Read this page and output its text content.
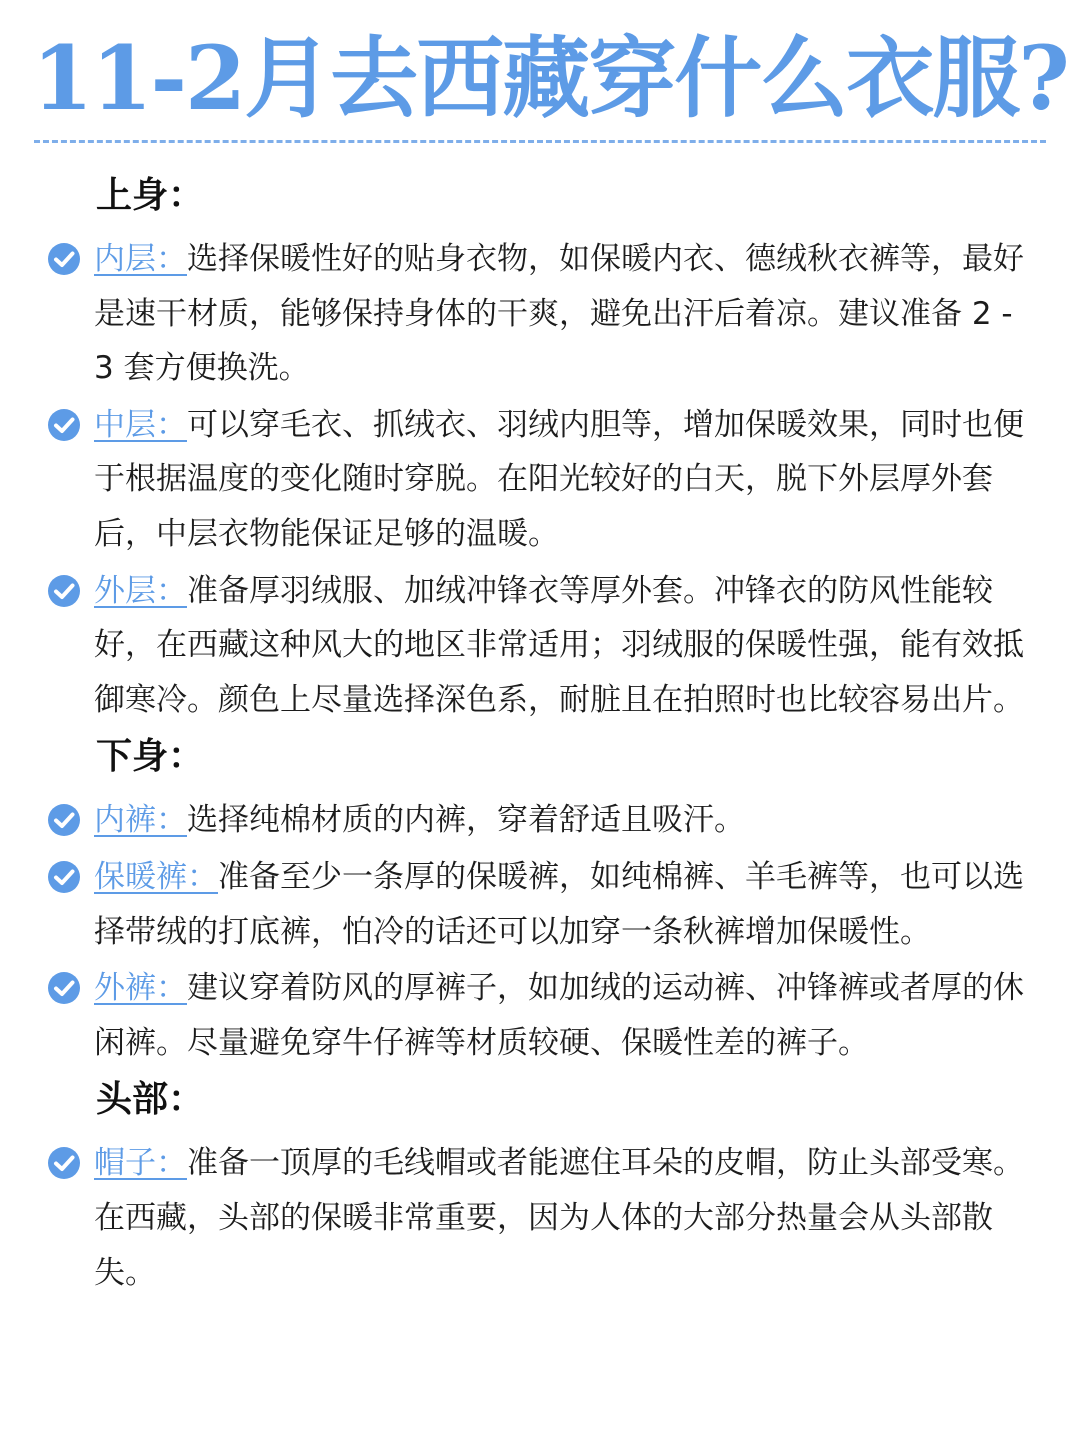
11-2月去西藏穿什么衣服?
上身：
内层：选择保暖性好的贴身衣物，如保暖内衣、德绒秋衣裤等，最好是速干材质，能够保持身体的干爽，避免出汗后着凉。建议准备 2 - 3 套方便换洗。
中层：可以穿毛衣、抓绒衣、羽绒内胆等，增加保暖效果，同时也便于根据温度的变化随时穿脱。在阳光较好的白天，脱下外层厚外套后，中层衣物能保证足够的温暖。
外层：准备厚羽绒服、加绒冲锋衣等厚外套。冲锋衣的防风性能较好，在西藏这种风大的地区非常适用；羽绒服的保暖性强，能有效抵御寒冷。颜色上尽量选择深色系，耐脏且在拍照时也比较容易出片。
下身：
内裤：选择纯棉材质的内裤，穿着舒适且吸汗。
保暖裤：准备至少一条厚的保暖裤，如纯棉裤、羊毛裤等，也可以选择带绒的打底裤，怕冷的话还可以加穿一条秋裤增加保暖性。
外裤：建议穿着防风的厚裤子，如加绒的运动裤、冲锋裤或者厚的休闲裤。尽量避免穿牛仔裤等材质较硬、保暖性差的裤子。
头部：
帽子：准备一顶厚的毛线帽或者能遮住耳朵的皮帽，防止头部受寒。在西藏，头部的保暖非常重要，因为人体的大部分热量会从头部散失。
